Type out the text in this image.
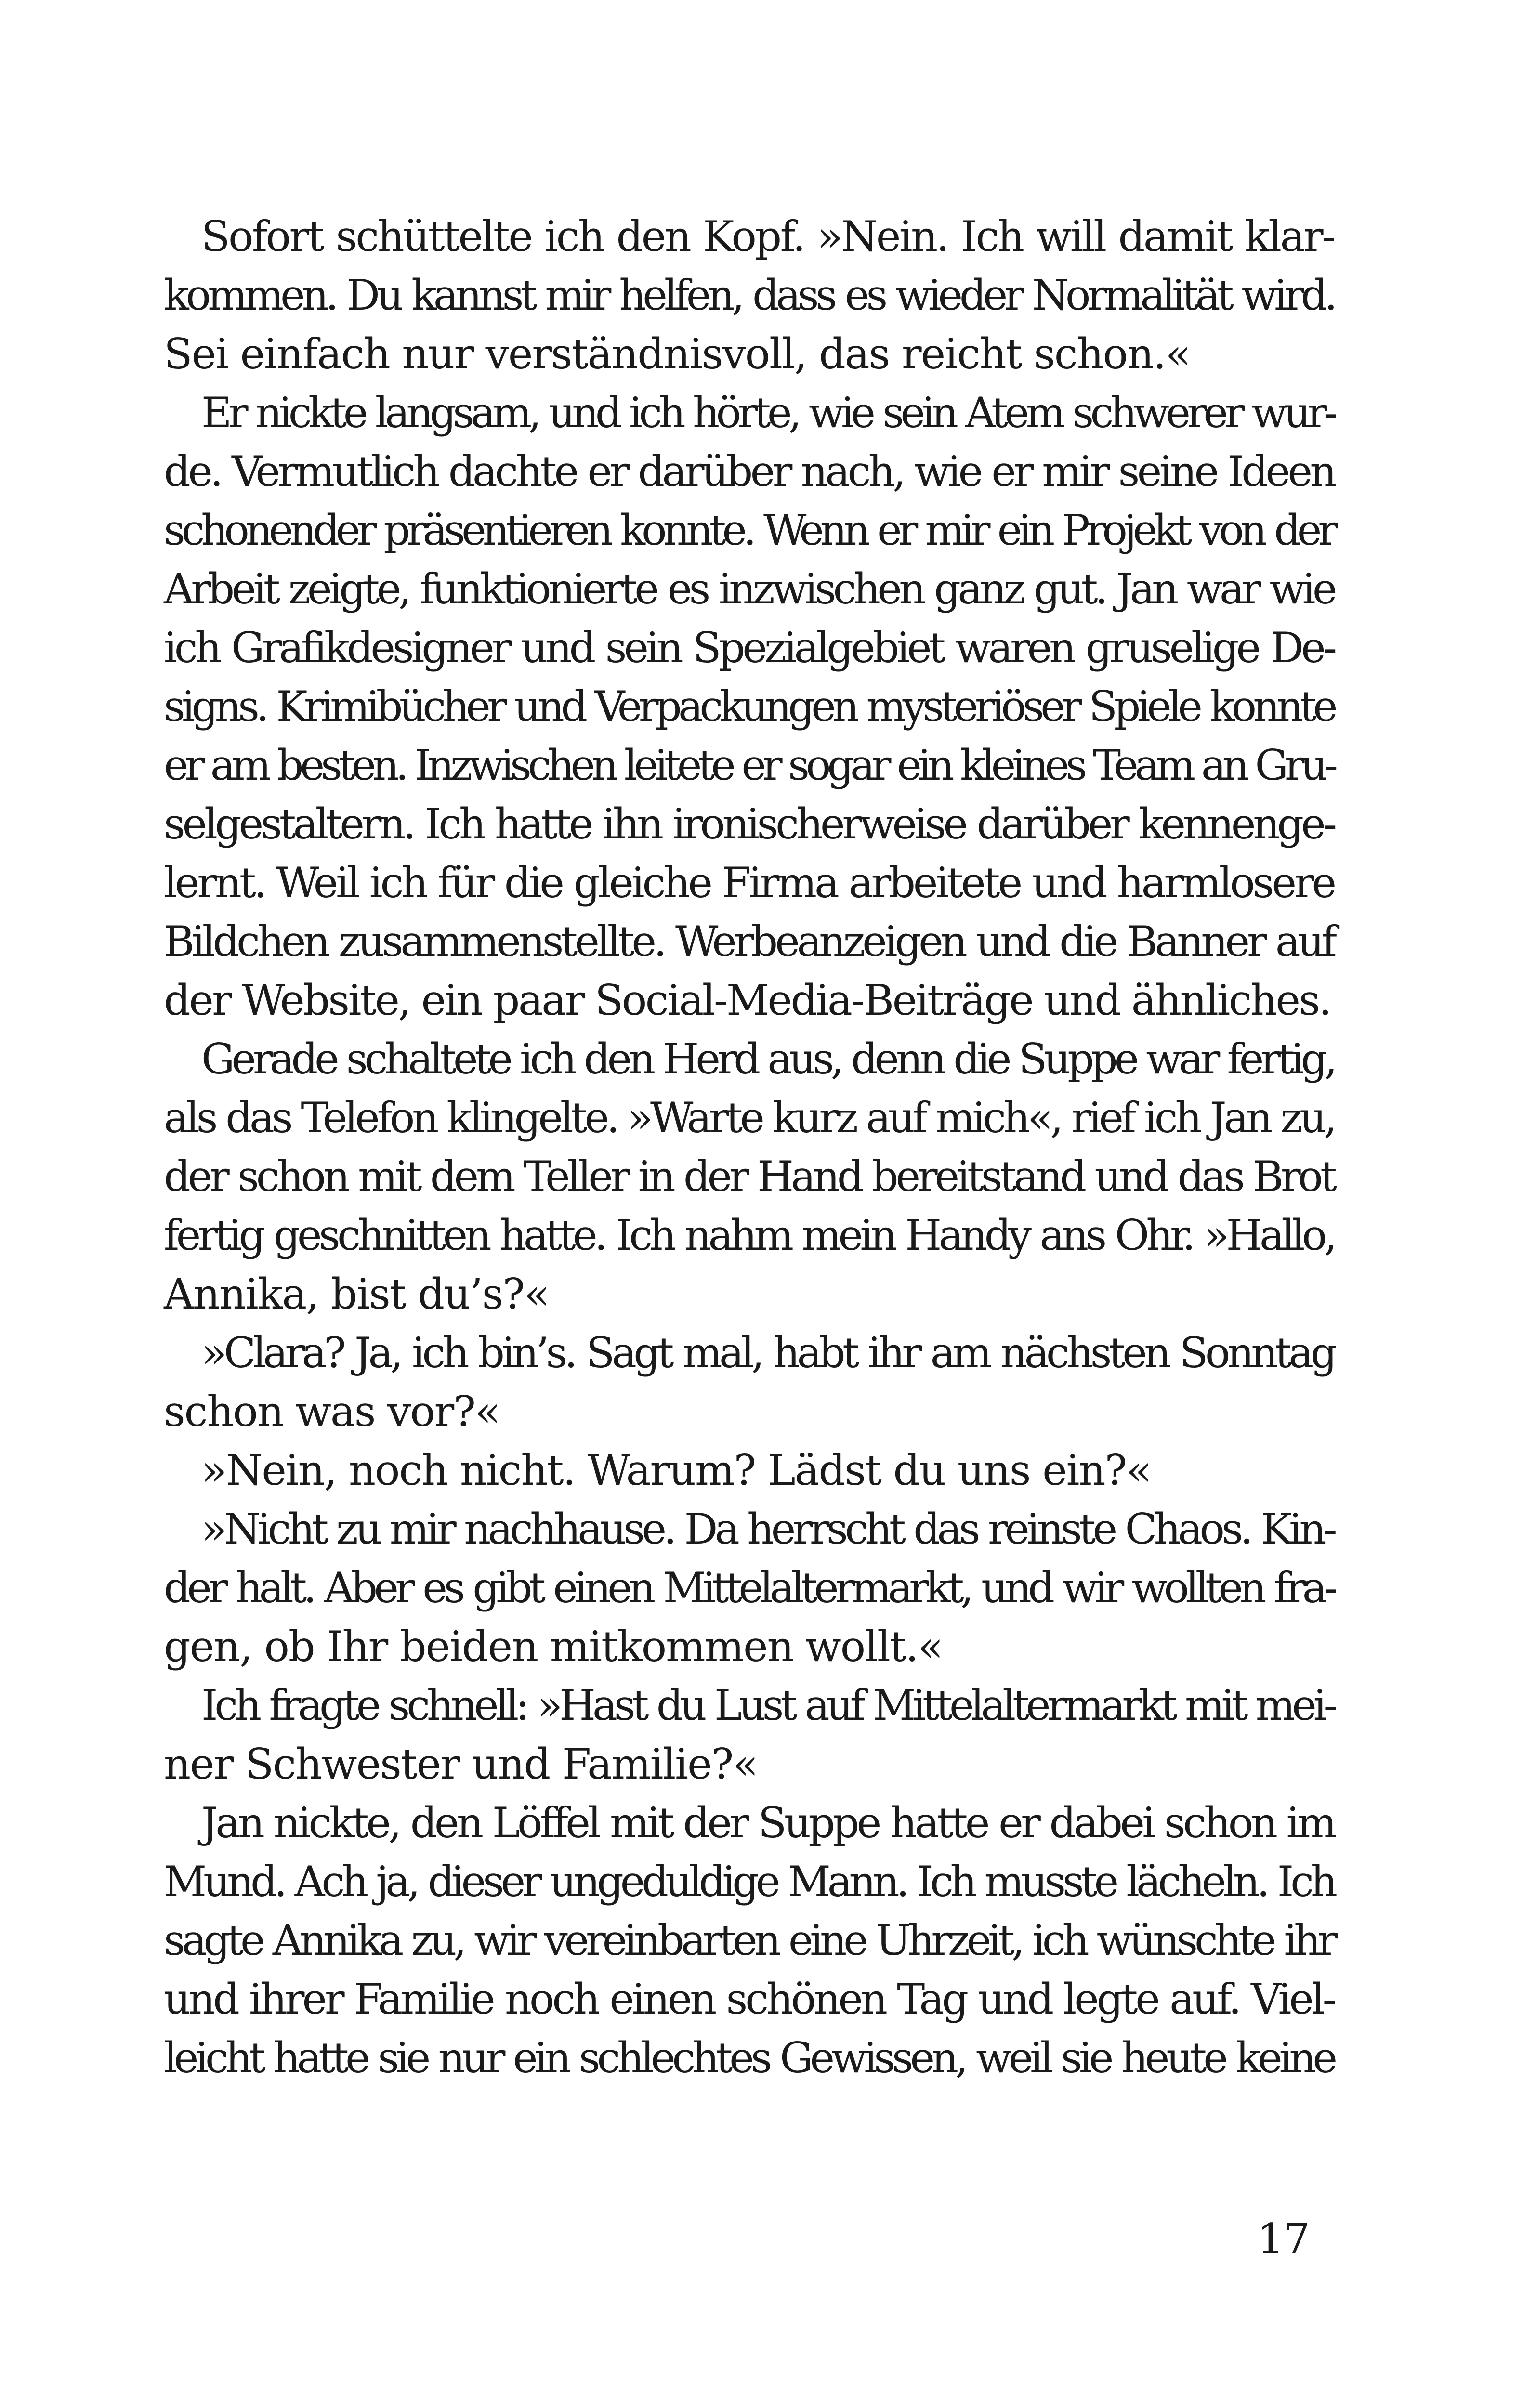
Sofort schüttelte ich den Kopf. »Nein. Ich will damit klar-
kommen. Du kannst mir helfen, dass es wieder Normalität wird.
Sei einfach nur verständnisvoll, das reicht schon.«
Er nickte langsam, und ich hörte, wie sein Atem schwerer wur-
de. Vermutlich dachte er darüber nach, wie er mir seine Ideen
schonender präsentieren konnte. Wenn er mir ein Projekt von der
Arbeit zeigte, funktionierte es inzwischen ganz gut. Jan war wie
ich Grafikdesigner und sein Spezialgebiet waren gruselige De-
signs. Krimibücher und Verpackungen mysteriöser Spiele konnte
er am besten. Inzwischen leitete er sogar ein kleines Team an Gru-
selgestaltern. Ich hatte ihn ironischerweise darüber kennenge-
lernt. Weil ich für die gleiche Firma arbeitete und harmlosere
Bildchen zusammenstellte. Werbeanzeigen und die Banner auf
der Website, ein paar Social-Media-Beiträge und ähnliches.
Gerade schaltete ich den Herd aus, denn die Suppe war fertig,
als das Telefon klingelte. »Warte kurz auf mich«, rief ich Jan zu,
der schon mit dem Teller in der Hand bereitstand und das Brot
fertig geschnitten hatte. Ich nahm mein Handy ans Ohr. »Hallo,
Annika, bist du’s?«
»Clara? Ja, ich bin’s. Sagt mal, habt ihr am nächsten Sonntag
schon was vor?«
»Nein, noch nicht. Warum? Lädst du uns ein?«
»Nicht zu mir nachhause. Da herrscht das reinste Chaos. Kin-
der halt. Aber es gibt einen Mittelaltermarkt, und wir wollten fra-
gen, ob Ihr beiden mitkommen wollt.«
Ich fragte schnell: »Hast du Lust auf Mittelaltermarkt mit mei-
ner Schwester und Familie?«
Jan nickte, den Löffel mit der Suppe hatte er dabei schon im
Mund. Ach ja, dieser ungeduldige Mann. Ich musste lächeln. Ich
sagte Annika zu, wir vereinbarten eine Uhrzeit, ich wünschte ihr
und ihrer Familie noch einen schönen Tag und legte auf. Viel-
leicht hatte sie nur ein schlechtes Gewissen, weil sie heute keine
17
